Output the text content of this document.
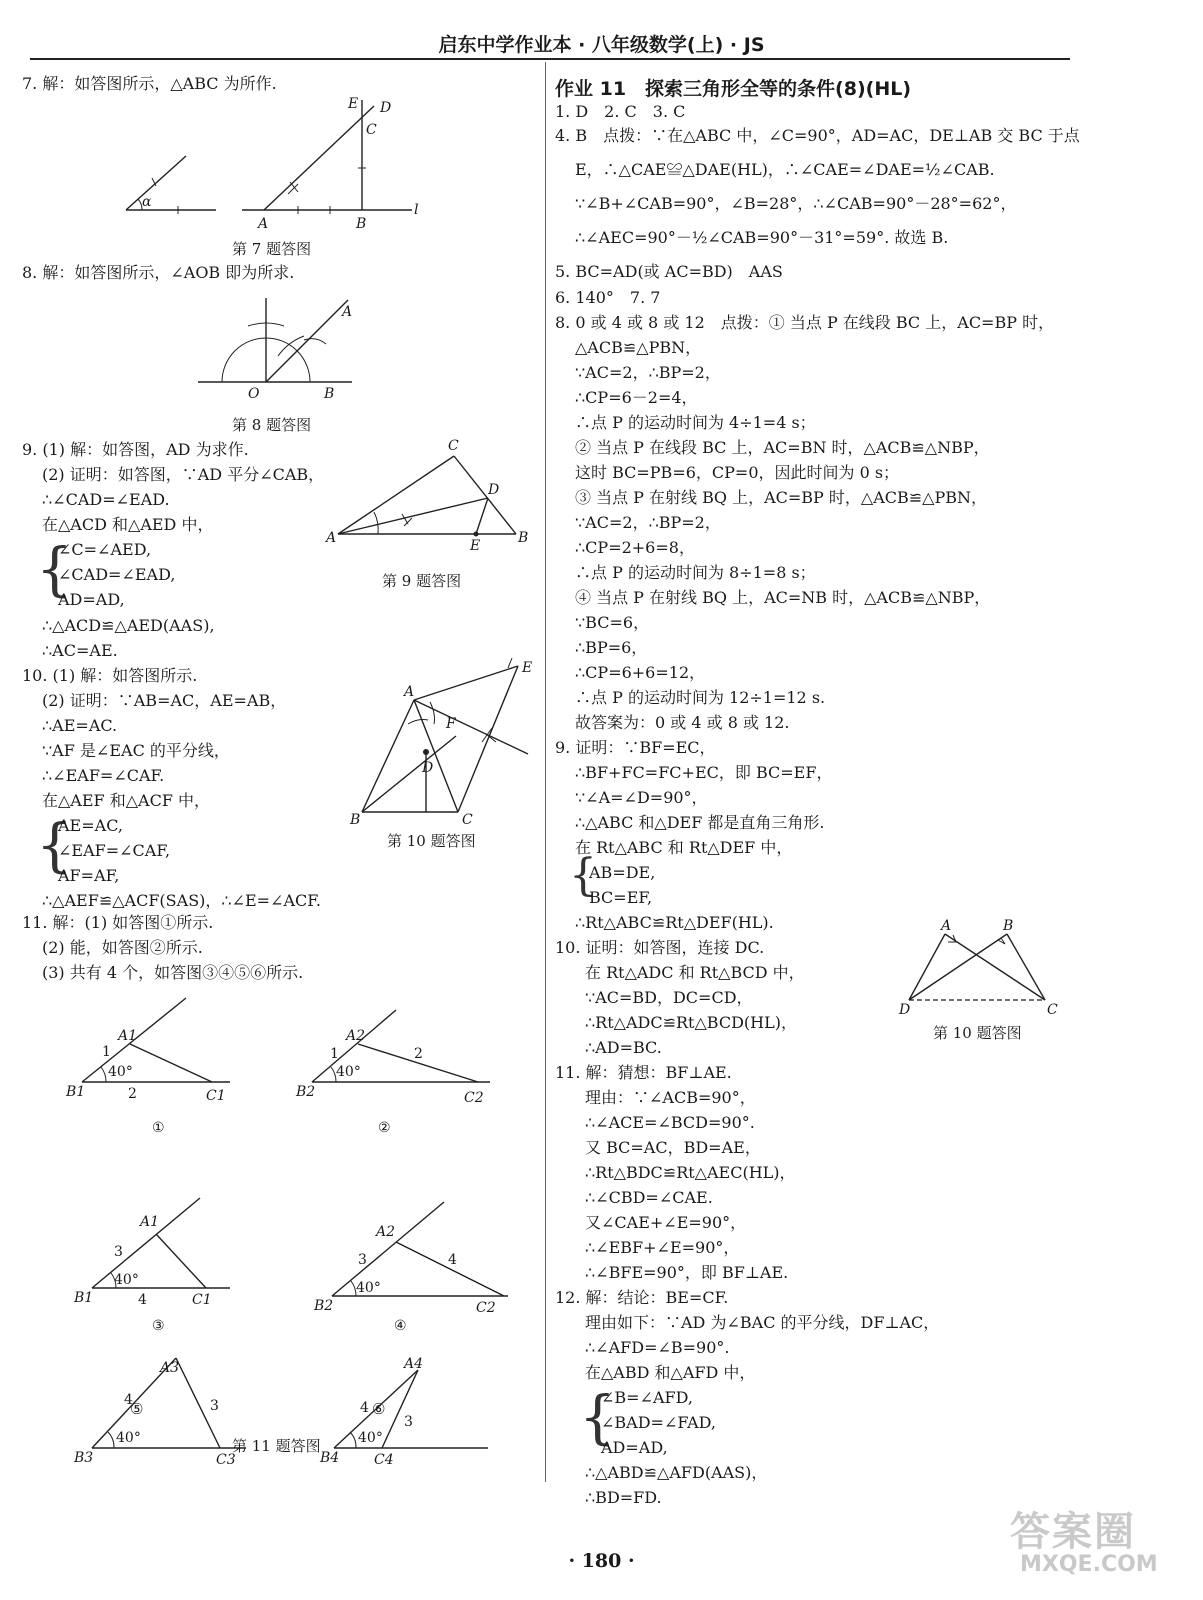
启东中学作业本 · 八年级数学(上) · JS
7. 解：如答图所示，△ABC 为所作.
α
A	B
C
D
E
l
第 7 题答图
8. 解：如答图所示，∠AOB 即为所求.
O
A
B
第 8 题答图
9. (1) 解：如答图，AD 为求作.
(2) 证明：如答图，∵AD 平分∠CAB，
∴∠CAD=∠EAD.
在△ACD 和△AED 中，
{
∠C=∠AED,
∠CAD=∠EAD,
AD=AD,
∴△ACD≌△AED(AAS),
∴AC=AE.
A	B
C
D
E
第 9 题答图
10. (1) 解：如答图所示.
(2) 证明：∵AB=AC，AE=AB，
∴AE=AC.
∵AF 是∠EAC 的平分线，
∴∠EAF=∠CAF.
在△AEF 和△ACF 中，
{
AE=AC,
∠EAF=∠CAF,
AF=AF,
∴△AEF≌△ACF(SAS)，∴∠E=∠ACF.
A
B	C
D
E
F
第 10 题答图
11. 解：(1) 如答图①所示.
(2) 能，如答图②所示.
(3) 共有 4 个，如答图③④⑤⑥所示.
40°
A1
B1	C1
1
2
①
40°
A2
B2	C2
1	2
②
40°
A1
B1	C1
3
4
③
40°
A2
B2	C2
3	4
④
40°
A3
B3	C3
4	3
40°
A4
B4 C4
4
3
⑤	⑥
第 11 题答图
作业 11　探索三角形全等的条件(8)(HL)
1. D　2. C　3. C
4. B　点拨：∵在△ABC 中，∠C=90°，AD=AC，DE⊥AB 交 BC 于点
E，∴△CAE≌△DAE(HL)，∴∠CAE=∠DAE=½∠CAB.
∵∠B+∠CAB=90°，∠B=28°，∴∠CAB=90°－28°=62°，
∴∠AEC=90°－½∠CAB=90°－31°=59°. 故选 B.
5. BC=AD(或 AC=BD)　AAS
6. 140°　7. 7
8. 0 或 4 或 8 或 12　点拨：① 当点 P 在线段 BC 上，AC=BP 时，
△ACB≌△PBN，
∵AC=2，∴BP=2，
∴CP=6－2=4，
∴点 P 的运动时间为 4÷1=4 s；
② 当点 P 在线段 BC 上，AC=BN 时，△ACB≌△NBP，
这时 BC=PB=6，CP=0，因此时间为 0 s；
③ 当点 P 在射线 BQ 上，AC=BP 时，△ACB≌△PBN，
∵AC=2，∴BP=2，
∴CP=2+6=8，
∴点 P 的运动时间为 8÷1=8 s；
④ 当点 P 在射线 BQ 上，AC=NB 时，△ACB≌△NBP，
∵BC=6，
∴BP=6，
∴CP=6+6=12，
∴点 P 的运动时间为 12÷1=12 s.
故答案为：0 或 4 或 8 或 12.
9. 证明：∵BF=EC，
∴BF+FC=FC+EC，即 BC=EF，
∵∠A=∠D=90°，
∴△ABC 和△DEF 都是直角三角形.
在 Rt△ABC 和 Rt△DEF 中，
{
AB=DE,
BC=EF,
∴Rt△ABC≌Rt△DEF(HL).
10. 证明：如答图，连接 DC.
在 Rt△ADC 和 Rt△BCD 中，
∵AC=BD，DC=CD，
∴Rt△ADC≌Rt△BCD(HL)，
∴AD=BC.
A	B
C
D
第 10 题答图
11. 解：猜想：BF⊥AE.
理由：∵∠ACB=90°，
∴∠ACE=∠BCD=90°.
又 BC=AC，BD=AE，
∴Rt△BDC≌Rt△AEC(HL)，
∴∠CBD=∠CAE.
又∠CAE+∠E=90°，
∴∠EBF+∠E=90°，
∴∠BFE=90°，即 BF⊥AE.
12. 解：结论：BE=CF.
理由如下：∵AD 为∠BAC 的平分线，DF⊥AC，
∴∠AFD=∠B=90°.
在△ABD 和△AFD 中，
{
∠B=∠AFD,
∠BAD=∠FAD,
AD=AD,
∴△ABD≌△AFD(AAS)，
∴BD=FD.
· 180 ·
答案圈
MXQE.COM
